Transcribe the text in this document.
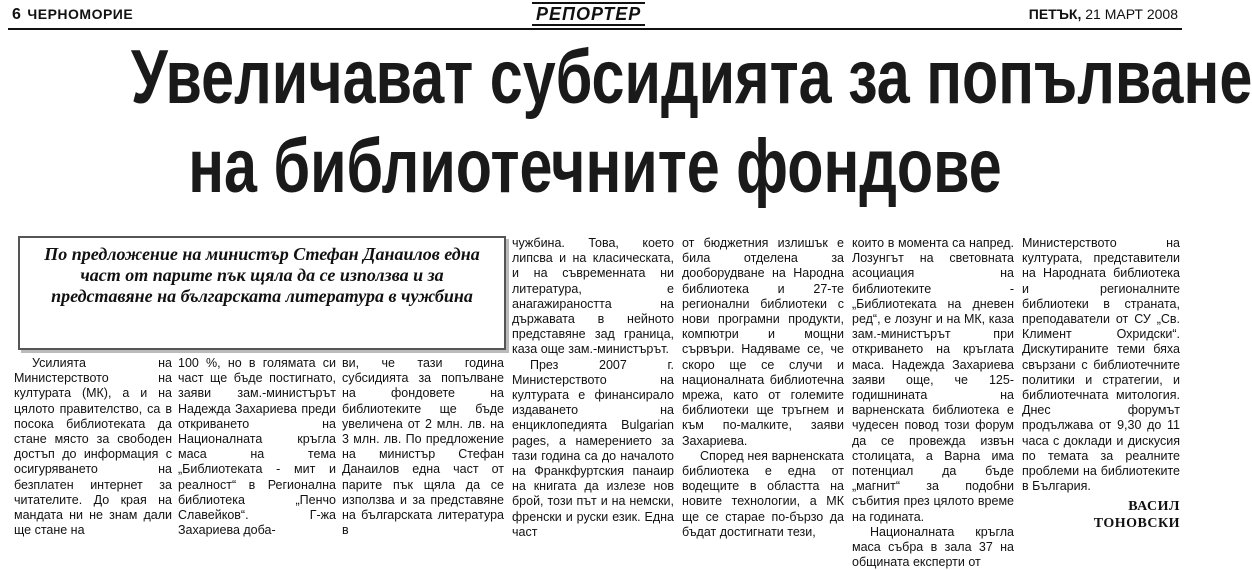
6 ЧЕРНОМОРИЕ	РЕПОРТЕР	ПЕТЪК, 21 МАРТ 2008
Увеличават субсидията за попълване
на библиотечните фондове
По предложение на министър Стефан Данаилов една част от парите пък щяла да се използва и за представяне на българската литература в чужбина

Усилията на Министерството на културата (МК), а и на цялото правителство, са в посока библиотеката да стане място за свободен достъп до информация с осигуряването на безплатен интернет за читателите. До края на мандата ни не знам дали ще стане на

100 %, но в голямата си част ще бъде постигнато, заяви зам.-министърът Надежда Захариева преди откриването на Националната кръгла маса на тема „Библиотеката - мит и реалност“ в Регионална библиотека „Пенчо Славейков“. Г-жа Захариева доба-

ви, че тази година субсидията за попълване на фондовете на библиотеките ще бъде увеличена от 2 млн. лв. на 3 млн. лв. По предложение на министър Стефан Данаилов една част от парите пък щяла да се използва и за представяне на българската литература в

чужбина. Това, което липсва и на класическата, и на съвременната ни литература, е анагажираността на държавата в нейното представяне зад граница, каза още зам.-министърът.

През 2007 г. Министерството на културата е финансирало издаването на енциклопедията Bulgarian pages, а намерението за тази година са до началото на Франкфуртския панаир на книгата да излезе нов брой, този път и на немски, френски и руски език. Една част

от бюджетния излишък е била отделена за дооборудване на Народна библиотека и 27-те регионални библиотеки с нови програмни продукти, компютри и мощни сървъри. Надяваме се, че скоро ще се случи и националната библиотечна мрежа, като от големите библиотеки ще тръгнем и към по-малките, заяви Захариева.

Според нея варненската библиотека е една от водещите в областта на новите технологии, а МК ще се старае по-бързо да бъдат достигнати тези,

които в момента са напред. Лозунгът на световната асоциация на библиотеките - „Библиотеката на дневен ред“, е лозунг и на МК, каза зам.-министърът при откриването на кръглата маса. Надежда Захариева заяви още, че 125-годишнината на варненската библиотека е чудесен повод този форум да се провежда извън столицата, а Варна има потенциал да бъде „магнит“ за подобни събития през цялото време на годината.

Националната кръгла маса събра в зала 37 на общината експерти от

Министерството на културата, представители на Народната библиотека и регионалните библиотеки в страната, преподаватели от СУ „Св. Климент Охридски“. Дискутираните теми бяха свързани с библиотечните политики и стратегии, и библиотечната митология. Днес форумът продължава от 9,30 до 11 часа с доклади и дискусия по темата за реалните проблеми на библиотеките в България.

ВАСИЛ
ТОНОВСКИ
